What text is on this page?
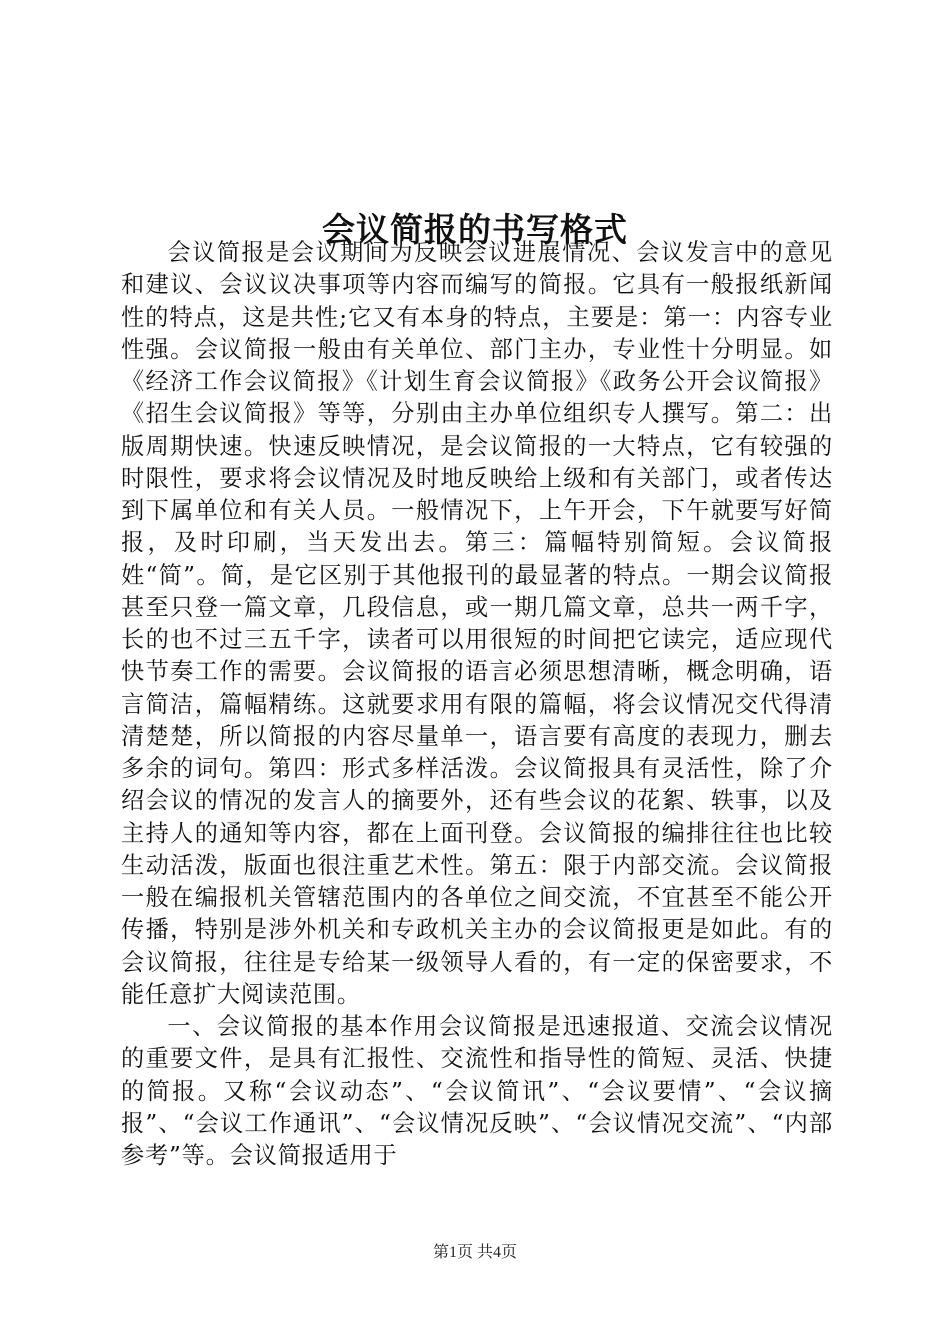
会议简报的书写格式

会议简报是会议期间为反映会议进展情况、会议发言中的意见和建议、会议议决事项等内容而编写的简报。它具有一般报纸新闻性的特点，这是共性;它又有本身的特点，主要是：第一：内容专业性强。会议简报一般由有关单位、部门主办，专业性十分明显。如《经济工作会议简报》《计划生育会议简报》《政务公开会议简报》《招生会议简报》等等，分别由主办单位组织专人撰写。第二：出版周期快速。快速反映情况，是会议简报的一大特点，它有较强的时限性，要求将会议情况及时地反映给上级和有关部门，或者传达到下属单位和有关人员。一般情况下，上午开会，下午就要写好简报，及时印刷，当天发出去。第三：篇幅特别简短。会议简报姓“简”。简，是它区别于其他报刊的最显著的特点。一期会议简报甚至只登一篇文章，几段信息，或一期几篇文章，总共一两千字，长的也不过三五千字，读者可以用很短的时间把它读完，适应现代快节奏工作的需要。会议简报的语言必须思想清晰，概念明确，语言简洁，篇幅精练。这就要求用有限的篇幅，将会议情况交代得清清楚楚，所以简报的内容尽量单一，语言要有高度的表现力，删去多余的词句。第四：形式多样活泼。会议简报具有灵活性，除了介绍会议的情况的发言人的摘要外，还有些会议的花絮、轶事，以及主持人的通知等内容，都在上面刊登。会议简报的编排往往也比较生动活泼，版面也很注重艺术性。第五：限于内部交流。会议简报一般在编报机关管辖范围内的各单位之间交流，不宜甚至不能公开传播，特别是涉外机关和专政机关主办的会议简报更是如此。有的会议简报，往往是专给某一级领导人看的，有一定的保密要求，不能任意扩大阅读范围。

一、会议简报的基本作用会议简报是迅速报道、交流会议情况的重要文件，是具有汇报性、交流性和指导性的简短、灵活、快捷的简报。又称“会议动态”、“会议简讯”、“会议要情”、“会议摘报”、“会议工作通讯”、“会议情况反映”、“会议情况交流”、“内部参考”等。会议简报适用于

第1页 共4页
